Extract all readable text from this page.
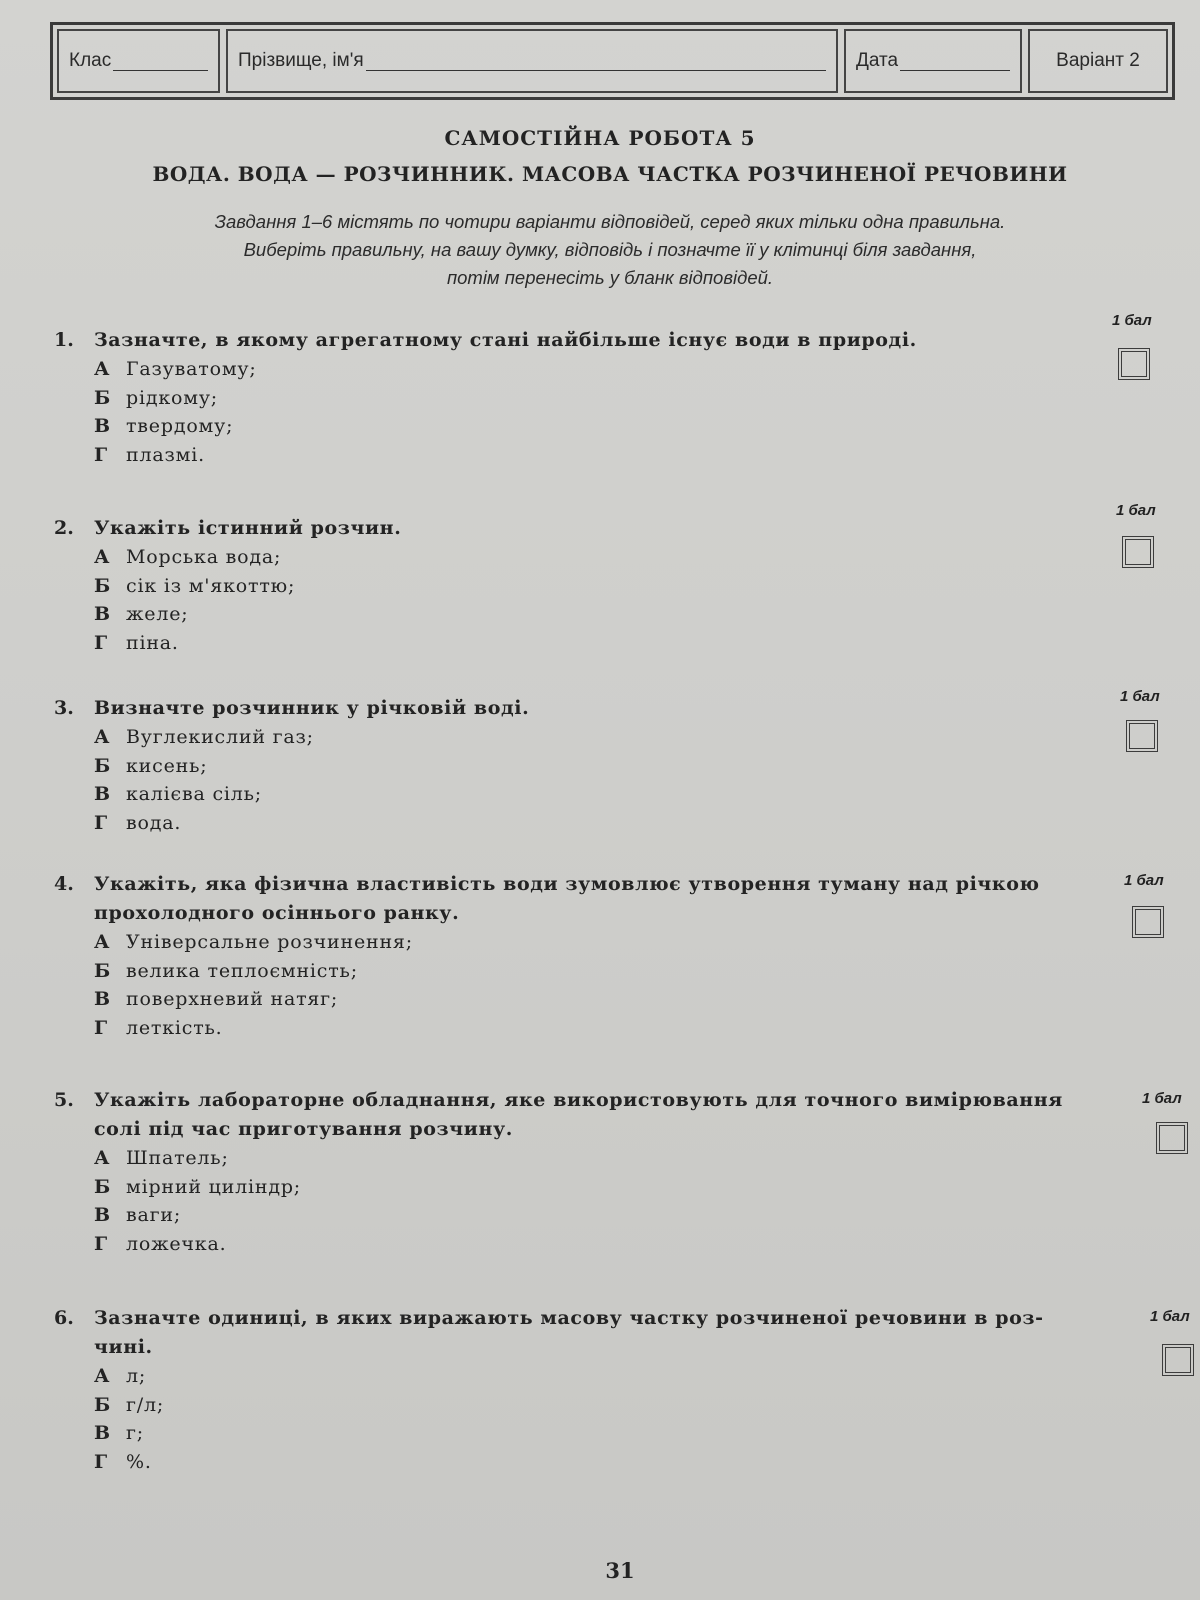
Клас	Прізвище, ім'я	Дата	Варіант 2
САМОСТІЙНА РОБОТА 5
ВОДА. ВОДА — РОЗЧИННИК. МАСОВА ЧАСТКА РОЗЧИНЕНОЇ РЕЧОВИНИ
Завдання 1–6 містять по чотири варіанти відповідей, серед яких тільки одна правильна.
Виберіть правильну, на вашу думку, відповідь і позначте її у клітинці біля завдання,
потім перенесіть у бланк відповідей.
1. Зазначте, в якому агрегатному стані найбільше існує води в природі.
А Газуватому;
Б рідкому;
В твердому;
Г плазмі.
1 бал
2. Укажіть істинний розчин.
А Морська вода;
Б сік із м'якоттю;
В желе;
Г піна.
1 бал
3. Визначте розчинник у річковій воді.
А Вуглекислий газ;
Б кисень;
В калієва сіль;
Г вода.
1 бал
4. Укажіть, яка фізична властивість води зумовлює утворення туману над річкою
прохолодного осіннього ранку.
А Універсальне розчинення;
Б велика теплоємність;
В поверхневий натяг;
Г леткість.
1 бал
5. Укажіть лабораторне обладнання, яке використовують для точного вимірювання
солі під час приготування розчину.
А Шпатель;
Б мірний циліндр;
В ваги;
Г ложечка.
1 бал
6. Зазначте одиниці, в яких виражають масову частку розчиненої речовини в роз-
чині.
А л;
Б г/л;
В г;
Г %.
1 бал
31
